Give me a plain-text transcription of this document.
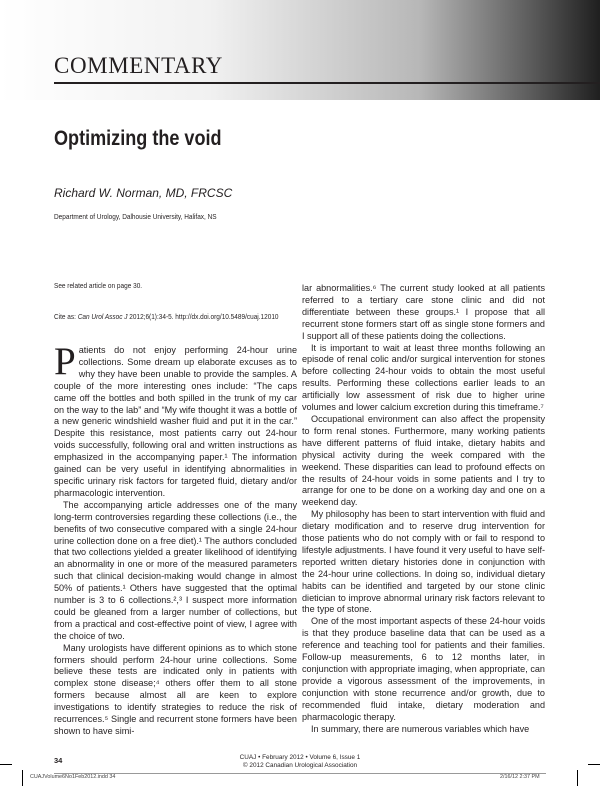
COMMENTARY
Optimizing the void
Richard W. Norman, MD, FRCSC
Department of Urology, Dalhousie University, Halifax, NS
See related article on page 30.
Cite as: Can Urol Assoc J 2012;6(1):34-5. http://dx.doi.org/10.5489/cuaj.12010

Patients do not enjoy performing 24-hour urine collections. Some dream up elaborate excuses as to why they have been unable to provide the samples. A couple of the more interesting ones include: “The caps came off the bottles and both spilled in the trunk of my car on the way to the lab” and “My wife thought it was a bottle of a new generic windshield washer fluid and put it in the car.” Despite this resistance, most patients carry out 24-hour voids successfully, following oral and written instructions as emphasized in the accompanying paper.¹ The information gained can be very useful in identifying abnormalities in specific urinary risk factors for targeted fluid, dietary and/or pharmacologic intervention.

The accompanying article addresses one of the many long-term controversies regarding these collections (i.e., the benefits of two consecutive compared with a single 24-hour urine collection done on a free diet).¹ The authors concluded that two collections yielded a greater likelihood of identifying an abnormality in one or more of the measured parameters such that clinical decision-making would change in almost 50% of patients.¹ Others have suggested that the optimal number is 3 to 6 collections.²,³ I suspect more information could be gleaned from a larger number of collections, but from a practical and cost-effective point of view, I agree with the choice of two.

Many urologists have different opinions as to which stone formers should perform 24-hour urine collections. Some believe these tests are indicated only in patients with complex stone disease;⁴ others offer them to all stone formers because almost all are keen to explore investigations to identify strategies to reduce the risk of recurrences.⁵ Single and recurrent stone formers have been shown to have simi-

lar abnormalities.⁶ The current study looked at all patients referred to a tertiary care stone clinic and did not differentiate between these groups.¹ I propose that all recurrent stone formers start off as single stone formers and I support all of these patients doing the collections.

It is important to wait at least three months following an episode of renal colic and/or surgical intervention for stones before collecting 24-hour voids to obtain the most useful results. Performing these collections earlier leads to an artificially low assessment of risk due to higher urine volumes and lower calcium excretion during this timeframe.⁷

Occupational environment can also affect the propensity to form renal stones. Furthermore, many working patients have different patterns of fluid intake, dietary habits and physical activity during the week compared with the weekend. These disparities can lead to profound effects on the results of 24-hour voids in some patients and I try to arrange for one to be done on a working day and one on a weekend day.

My philosophy has been to start intervention with fluid and dietary modification and to reserve drug intervention for those patients who do not comply with or fail to respond to lifestyle adjustments. I have found it very useful to have self-reported written dietary histories done in conjunction with the 24-hour urine collections. In doing so, individual dietary habits can be identified and targeted by our stone clinic dietician to improve abnormal urinary risk factors relevant to the type of stone.

One of the most important aspects of these 24-hour voids is that they produce baseline data that can be used as a reference and teaching tool for patients and their families. Follow-up measurements, 6 to 12 months later, in conjunction with appropriate imaging, when appropriate, can provide a vigorous assessment of the improvements, in conjunction with stone recurrence and/or growth, due to recommended fluid intake, dietary moderation and pharmacologic therapy.

In summary, there are numerous variables which have

34	CUAJ • February 2012 • Volume 6, Issue 1
© 2012 Canadian Urological Association
CUAJVolume6No1Feb2012.indd 34	2/16/12 2:37 PM
